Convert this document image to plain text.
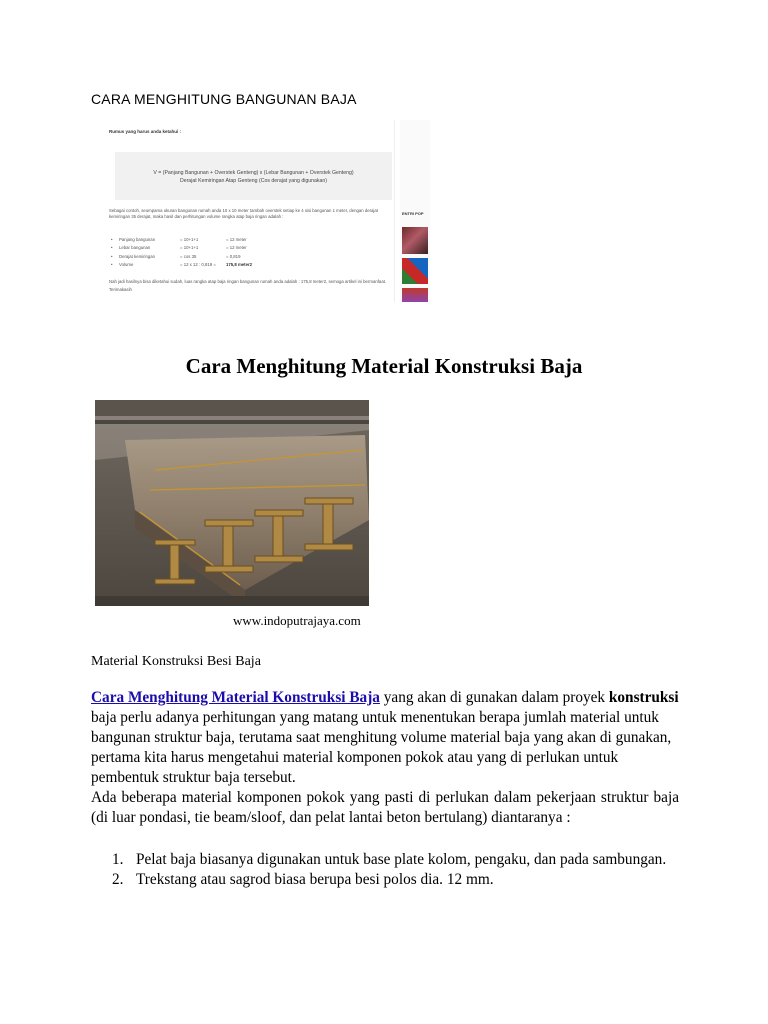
CARA MENGHITUNG BANGUNAN BAJA
Rumus yang harus anda ketahui :
V = (Panjang Bangunan + Overstek Genteng) x (Lebar Bangunan + Overstek Genteng)
Derajat Kemiringan Atap Genteng (Cos derajat yang digunakan)
Sebagai contoh, seumpama ukuran bangunan rumah anda 10 x 10 meter tambah overstek setiap ke 4 sisi bangunan 1 meter, dengan derajat kemiringan 35 derajat, maka hasil dan perhitungan volume rangka atap baja ringan adalah :
•	Panjang bangunan	= 10+1+1	= 12 meter
•	Lebar bangunan	= 10+1+1	= 12 meter
•	Derajat kemiringan	= cos 35	= 0,819
•	Volume	= 12 x 12 : 0,819 =	175,8 meter2
Nah jadi hasilnya bisa diketahui sudah, luas rangka atap baja ringan bangunan rumah anda adalah : 175,8 meter2, semoga artikel ini bermanfaat. Terimakasih
ENTRI POP
Cara Menghitung Material Konstruksi Baja
www.indoputrajaya.com
Material Konstruksi Besi Baja

Cara Menghitung Material Konstruksi Baja yang akan di gunakan dalam proyek konstruksi baja perlu adanya perhitungan yang matang untuk menentukan berapa jumlah material untuk bangunan struktur baja, terutama saat menghitung volume material baja yang akan di gunakan, pertama kita harus mengetahui material komponen pokok atau yang di perlukan untuk pembentuk struktur baja tersebut.

Ada beberapa material komponen pokok yang pasti di perlukan dalam pekerjaan struktur baja (di luar pondasi, tie beam/sloof, dan pelat lantai beton bertulang) diantaranya :

1. Pelat baja biasanya digunakan untuk base plate kolom, pengaku, dan pada sambungan.
2. Trekstang atau sagrod biasa berupa besi polos dia. 12 mm.
